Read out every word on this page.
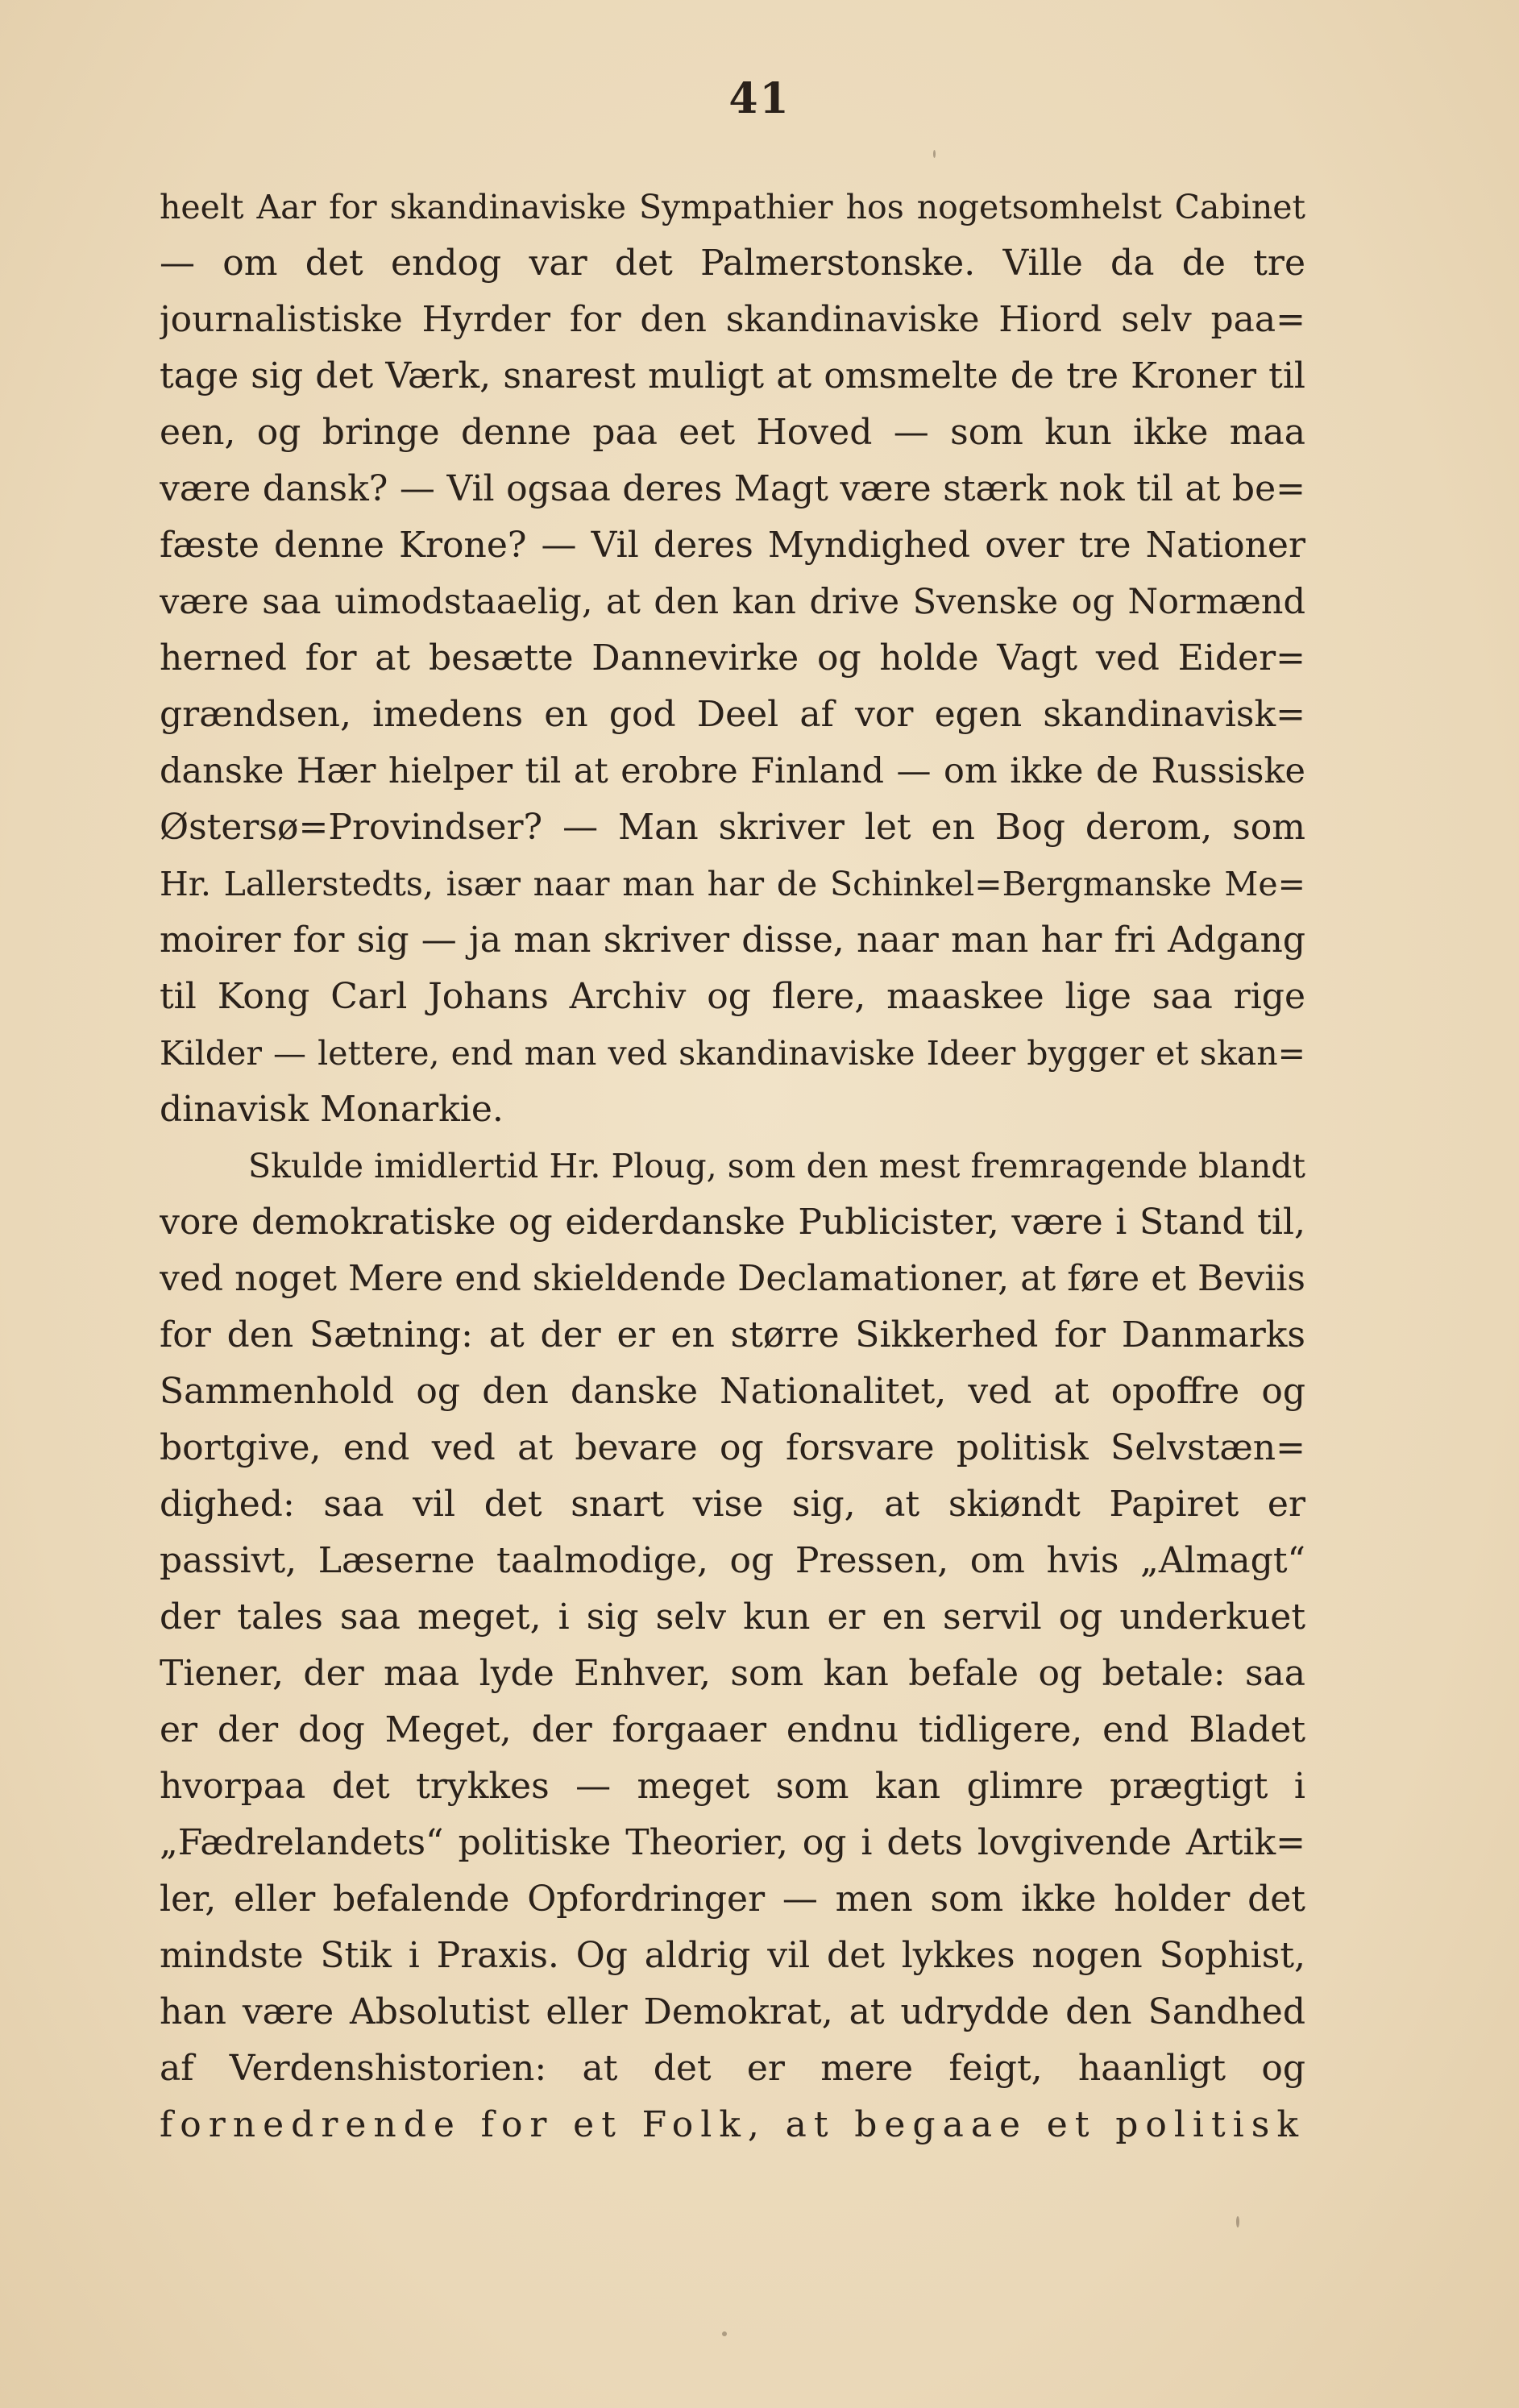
41
heelt Aar for skandinaviske Sympathier hos nogetsomhelst Cabinet
— om det endog var det Palmerstonske. Ville da de tre
journalistiske Hyrder for den skandinaviske Hiord selv paa=
tage sig det Værk, snarest muligt at omsmelte de tre Kroner til
een, og bringe denne paa eet Hoved — som kun ikke maa
være dansk? — Vil ogsaa deres Magt være stærk nok til at be=
fæste denne Krone? — Vil deres Myndighed over tre Nationer
være saa uimodstaaelig, at den kan drive Svenske og Normænd
herned for at besætte Dannevirke og holde Vagt ved Eider=
grændsen, imedens en god Deel af vor egen skandinavisk=
danske Hær hielper til at erobre Finland — om ikke de Russiske
Østersø=Provindser? — Man skriver let en Bog derom, som
Hr. Lallerstedts, især naar man har de Schinkel=Bergmanske Me=
moirer for sig — ja man skriver disse, naar man har fri Adgang
til Kong Carl Johans Archiv og flere, maaskee lige saa rige
Kilder — lettere, end man ved skandinaviske Ideer bygger et skan=
dinavisk Monarkie.
Skulde imidlertid Hr. Ploug, som den mest fremragende blandt
vore demokratiske og eiderdanske Publicister, være i Stand til,
ved noget Mere end skieldende Declamationer, at føre et Beviis
for den Sætning: at der er en større Sikkerhed for Danmarks
Sammenhold og den danske Nationalitet, ved at opoffre og
bortgive, end ved at bevare og forsvare politisk Selvstæn=
dighed: saa vil det snart vise sig, at skiøndt Papiret er
passivt, Læserne taalmodige, og Pressen, om hvis „Almagt“
der tales saa meget, i sig selv kun er en servil og underkuet
Tiener, der maa lyde Enhver, som kan befale og betale: saa
er der dog Meget, der forgaaer endnu tidligere, end Bladet
hvorpaa det trykkes — meget som kan glimre prægtigt i
„Fædrelandets“ politiske Theorier, og i dets lovgivende Artik=
ler, eller befalende Opfordringer — men som ikke holder det
mindste Stik i Praxis. Og aldrig vil det lykkes nogen Sophist,
han være Absolutist eller Demokrat, at udrydde den Sandhed
af Verdenshistorien: at det er mere feigt, haanligt og
fornedrende for et Folk, at begaae et politisk
